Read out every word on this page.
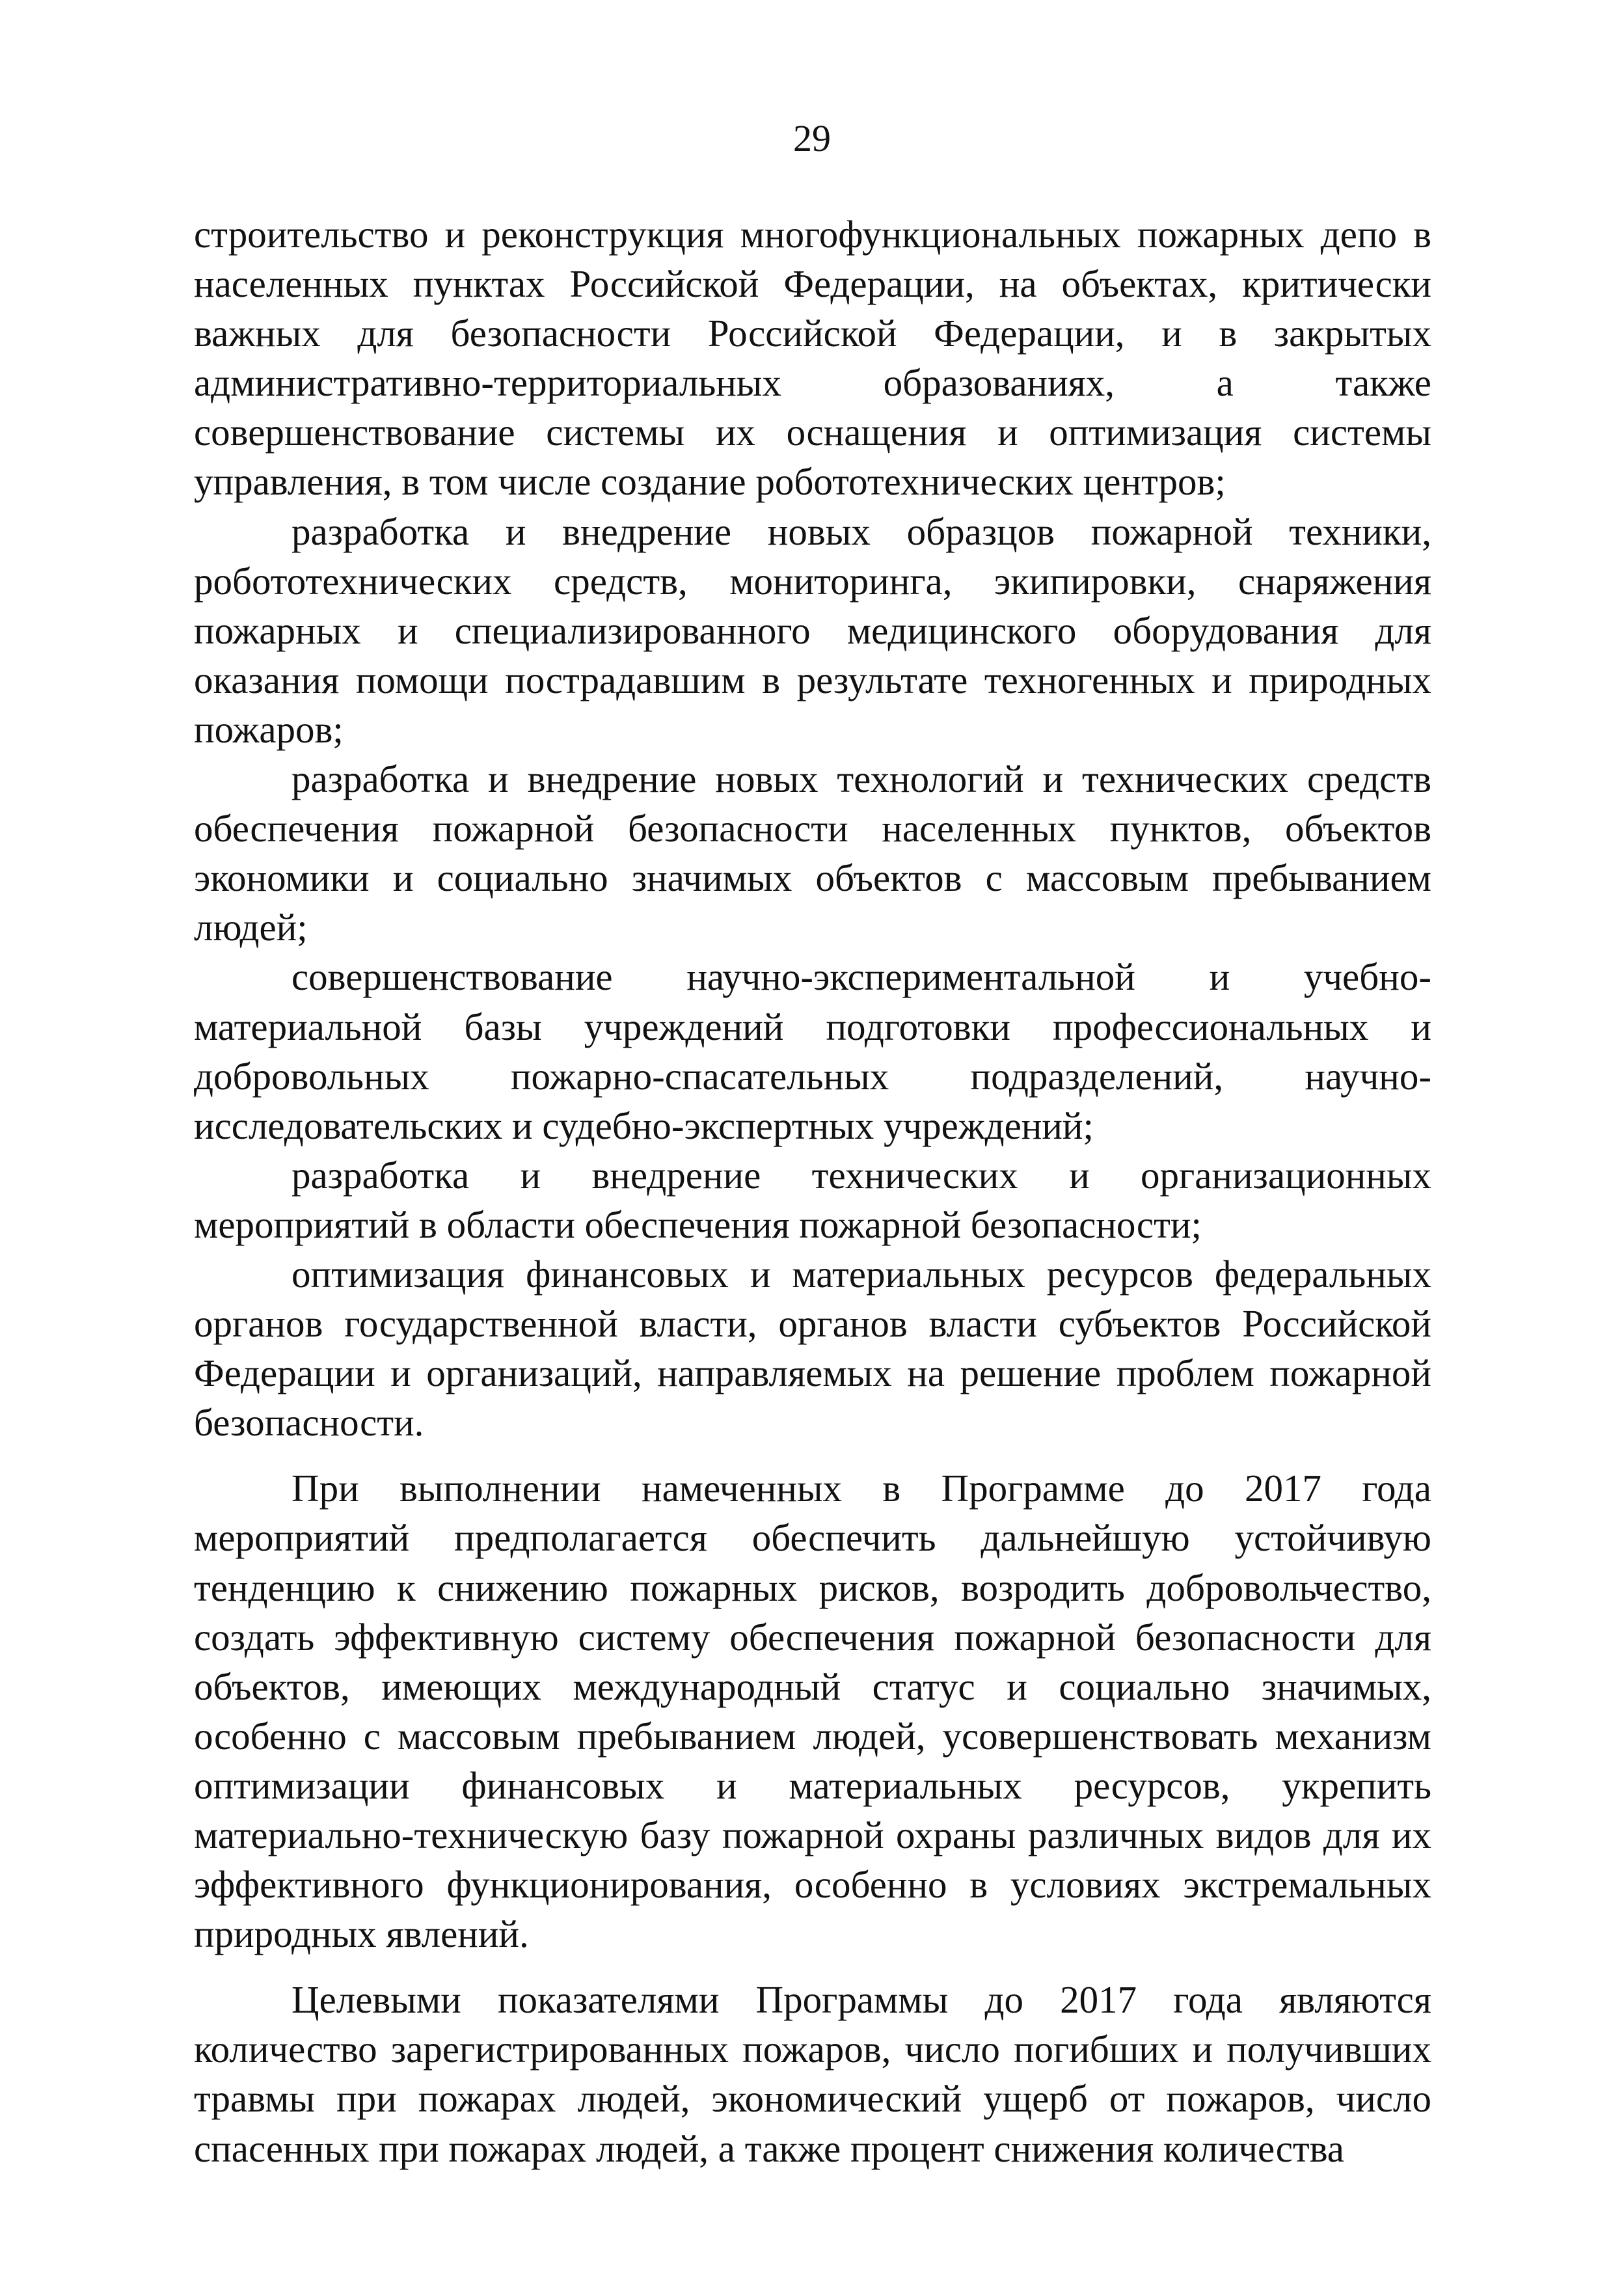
29

строительство и реконструкция многофункциональных пожарных депо в населенных пунктах Российской Федерации, на объектах, критически важных для безопасности Российской Федерации, и в закрытых административно-территориальных образованиях, а также совершенствование системы их оснащения и оптимизация системы управления, в том числе создание робототехнических центров;

разработка и внедрение новых образцов пожарной техники, робототехнических средств, мониторинга, экипировки, снаряжения пожарных и специализированного медицинского оборудования для оказания помощи пострадавшим в результате техногенных и природных пожаров;

разработка и внедрение новых технологий и технических средств обеспечения пожарной безопасности населенных пунктов, объектов экономики и социально значимых объектов с массовым пребыванием людей;

совершенствование научно-экспериментальной и учебно-материальной базы учреждений подготовки профессиональных и добровольных пожарно-спасательных подразделений, научно-исследовательских и судебно-экспертных учреждений;

разработка и внедрение технических и организационных мероприятий в области обеспечения пожарной безопасности;

оптимизация финансовых и материальных ресурсов федеральных органов государственной власти, органов власти субъектов Российской Федерации и организаций, направляемых на решение проблем пожарной безопасности.

При выполнении намеченных в Программе до 2017 года мероприятий предполагается обеспечить дальнейшую устойчивую тенденцию к снижению пожарных рисков, возродить добровольчество, создать эффективную систему обеспечения пожарной безопасности для объектов, имеющих международный статус и социально значимых, особенно с массовым пребыванием людей, усовершенствовать механизм оптимизации финансовых и материальных ресурсов, укрепить материально-техническую базу пожарной охраны различных видов для их эффективного функционирования, особенно в условиях экстремальных природных явлений.

Целевыми показателями Программы до 2017 года являются количество зарегистрированных пожаров, число погибших и получивших травмы при пожарах людей, экономический ущерб от пожаров, число спасенных при пожарах людей, а также процент снижения количества
